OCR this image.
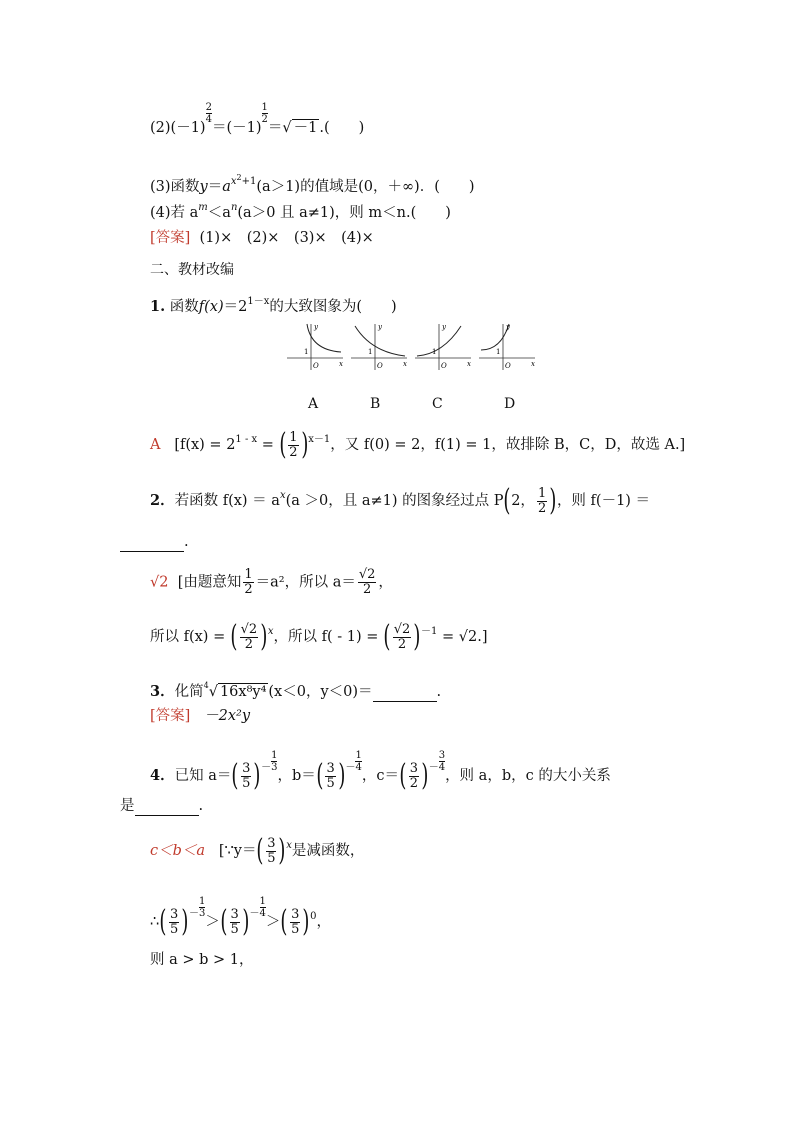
(2)(－1)
$\frac{2}{4}$
＝(－1)
$\frac{1}{2}$
＝√ －1 .(　　)
(3)函数$y=a^{x^2+1}(a>1)$的值域是(0，＋∞)．(　　)
(4)若 $a^m<a^n(a>0$ 且 a≠1)，则 m＜n.(　　)
[答案] (1)×　(2)×　(3)×　(4)×
二、教材改编
1. 函数$f(x)=2^{1-x}$的大致图象为(　　)
y
x
O
1
y
x
O
1
y
x
O
1
y
x
O
1
A	B	C	D
A [$f(x) = 2^{1 - x}$ = ( $\frac{1}{2} )^{x-1}$，又 f(0) = 2，f(1) = 1，故排除 B，C，D，故选 A.]
2．若函数 $f(x) = a^x(a >0$，且 a≠1) 的图象经过点 P(2， $\frac{1}{2}$ )，则 f(－1) ＝
.
√2 [由题意知 $\frac{1}{2} =a^2$，所以 $a= \frac{√2}{2}$ ，
所以 f(x) = ( $\frac{√2}{2} )^x$，所以 f( - 1) = ( $\frac{√2}{2} )^{-1} = √2$.]
3．化简$^4$√ 16x⁸y⁴ (x＜0，y＜0)＝	.
[答案] －2x²y
4．已知 $a=( \frac{3}{5} )^- \frac{1}{3}$
，$b=( \frac{3}{5} )^- \frac{1}{4}$
，$c=( \frac{3}{2} )^- \frac{3}{4}$
，则 a，b，c 的大小关系
是	.
c＜b＜a [∵y＝( $\frac{3}{5} )^x$是减函数，
∴( $\frac{3}{5} )^- \frac{1}{3}$
＞( $\frac{3}{5} )^- \frac{1}{4}$
＞( $\frac{3}{5} )^0$，
则 a > b > 1，
